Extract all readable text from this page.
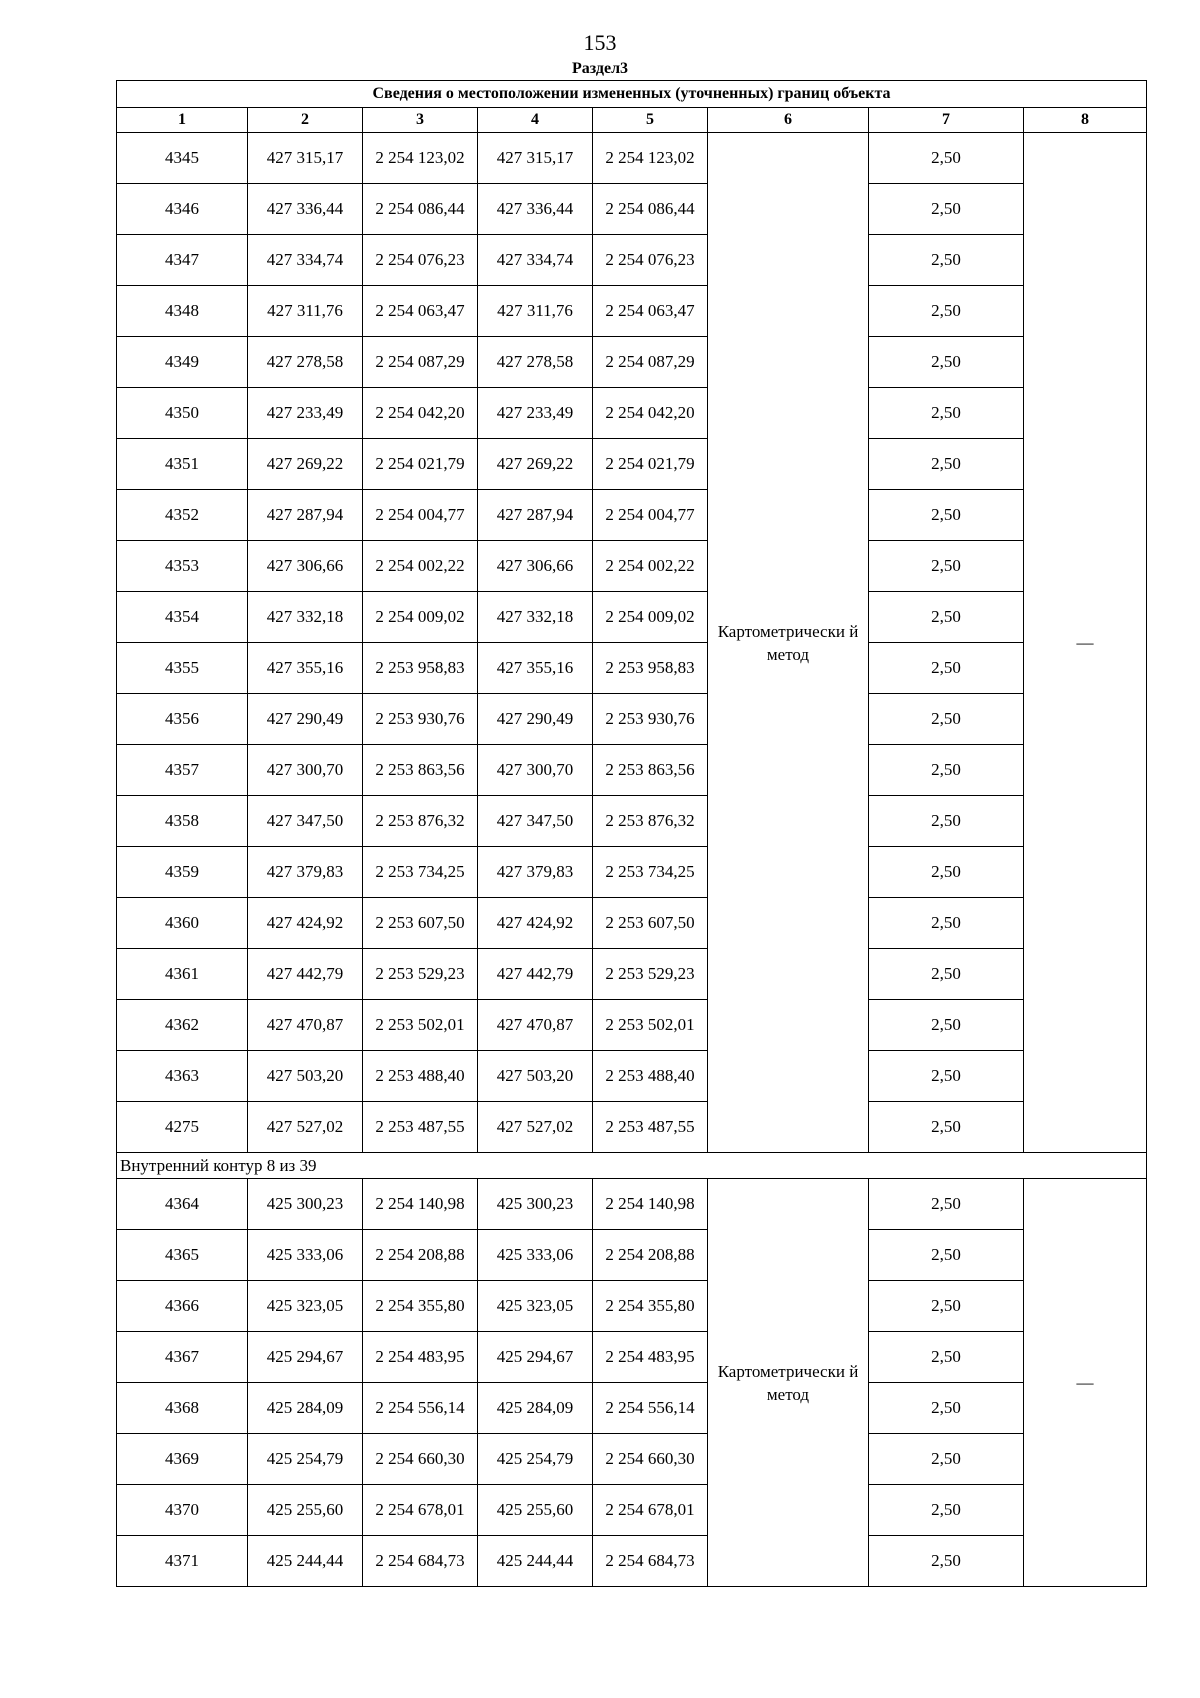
153
Раздел3
Сведения о местоположении измененных (уточненных) границ объекта							
1	2	3	4	5	6	7	8
4345	427 315,17	2 254 123,02	427 315,17	2 254 123,02	Картометрически й метод	2,50	—
4346	427 336,44	2 254 086,44	427 336,44	2 254 086,44		2,50	
4347	427 334,74	2 254 076,23	427 334,74	2 254 076,23		2,50	
4348	427 311,76	2 254 063,47	427 311,76	2 254 063,47		2,50	
4349	427 278,58	2 254 087,29	427 278,58	2 254 087,29		2,50	
4350	427 233,49	2 254 042,20	427 233,49	2 254 042,20		2,50	
4351	427 269,22	2 254 021,79	427 269,22	2 254 021,79		2,50	
4352	427 287,94	2 254 004,77	427 287,94	2 254 004,77		2,50	
4353	427 306,66	2 254 002,22	427 306,66	2 254 002,22		2,50	
4354	427 332,18	2 254 009,02	427 332,18	2 254 009,02		2,50	
4355	427 355,16	2 253 958,83	427 355,16	2 253 958,83		2,50	
4356	427 290,49	2 253 930,76	427 290,49	2 253 930,76		2,50	
4357	427 300,70	2 253 863,56	427 300,70	2 253 863,56		2,50	
4358	427 347,50	2 253 876,32	427 347,50	2 253 876,32		2,50	
4359	427 379,83	2 253 734,25	427 379,83	2 253 734,25		2,50	
4360	427 424,92	2 253 607,50	427 424,92	2 253 607,50		2,50	
4361	427 442,79	2 253 529,23	427 442,79	2 253 529,23		2,50	
4362	427 470,87	2 253 502,01	427 470,87	2 253 502,01		2,50	
4363	427 503,20	2 253 488,40	427 503,20	2 253 488,40		2,50	
4275	427 527,02	2 253 487,55	427 527,02	2 253 487,55		2,50	
Внутренний контур 8 из 39							
4364	425 300,23	2 254 140,98	425 300,23	2 254 140,98	Картометрически й метод	2,50	—
4365	425 333,06	2 254 208,88	425 333,06	2 254 208,88		2,50	
4366	425 323,05	2 254 355,80	425 323,05	2 254 355,80		2,50	
4367	425 294,67	2 254 483,95	425 294,67	2 254 483,95		2,50	
4368	425 284,09	2 254 556,14	425 284,09	2 254 556,14		2,50	
4369	425 254,79	2 254 660,30	425 254,79	2 254 660,30		2,50	
4370	425 255,60	2 254 678,01	425 255,60	2 254 678,01		2,50	
4371	425 244,44	2 254 684,73	425 244,44	2 254 684,73		2,50	
